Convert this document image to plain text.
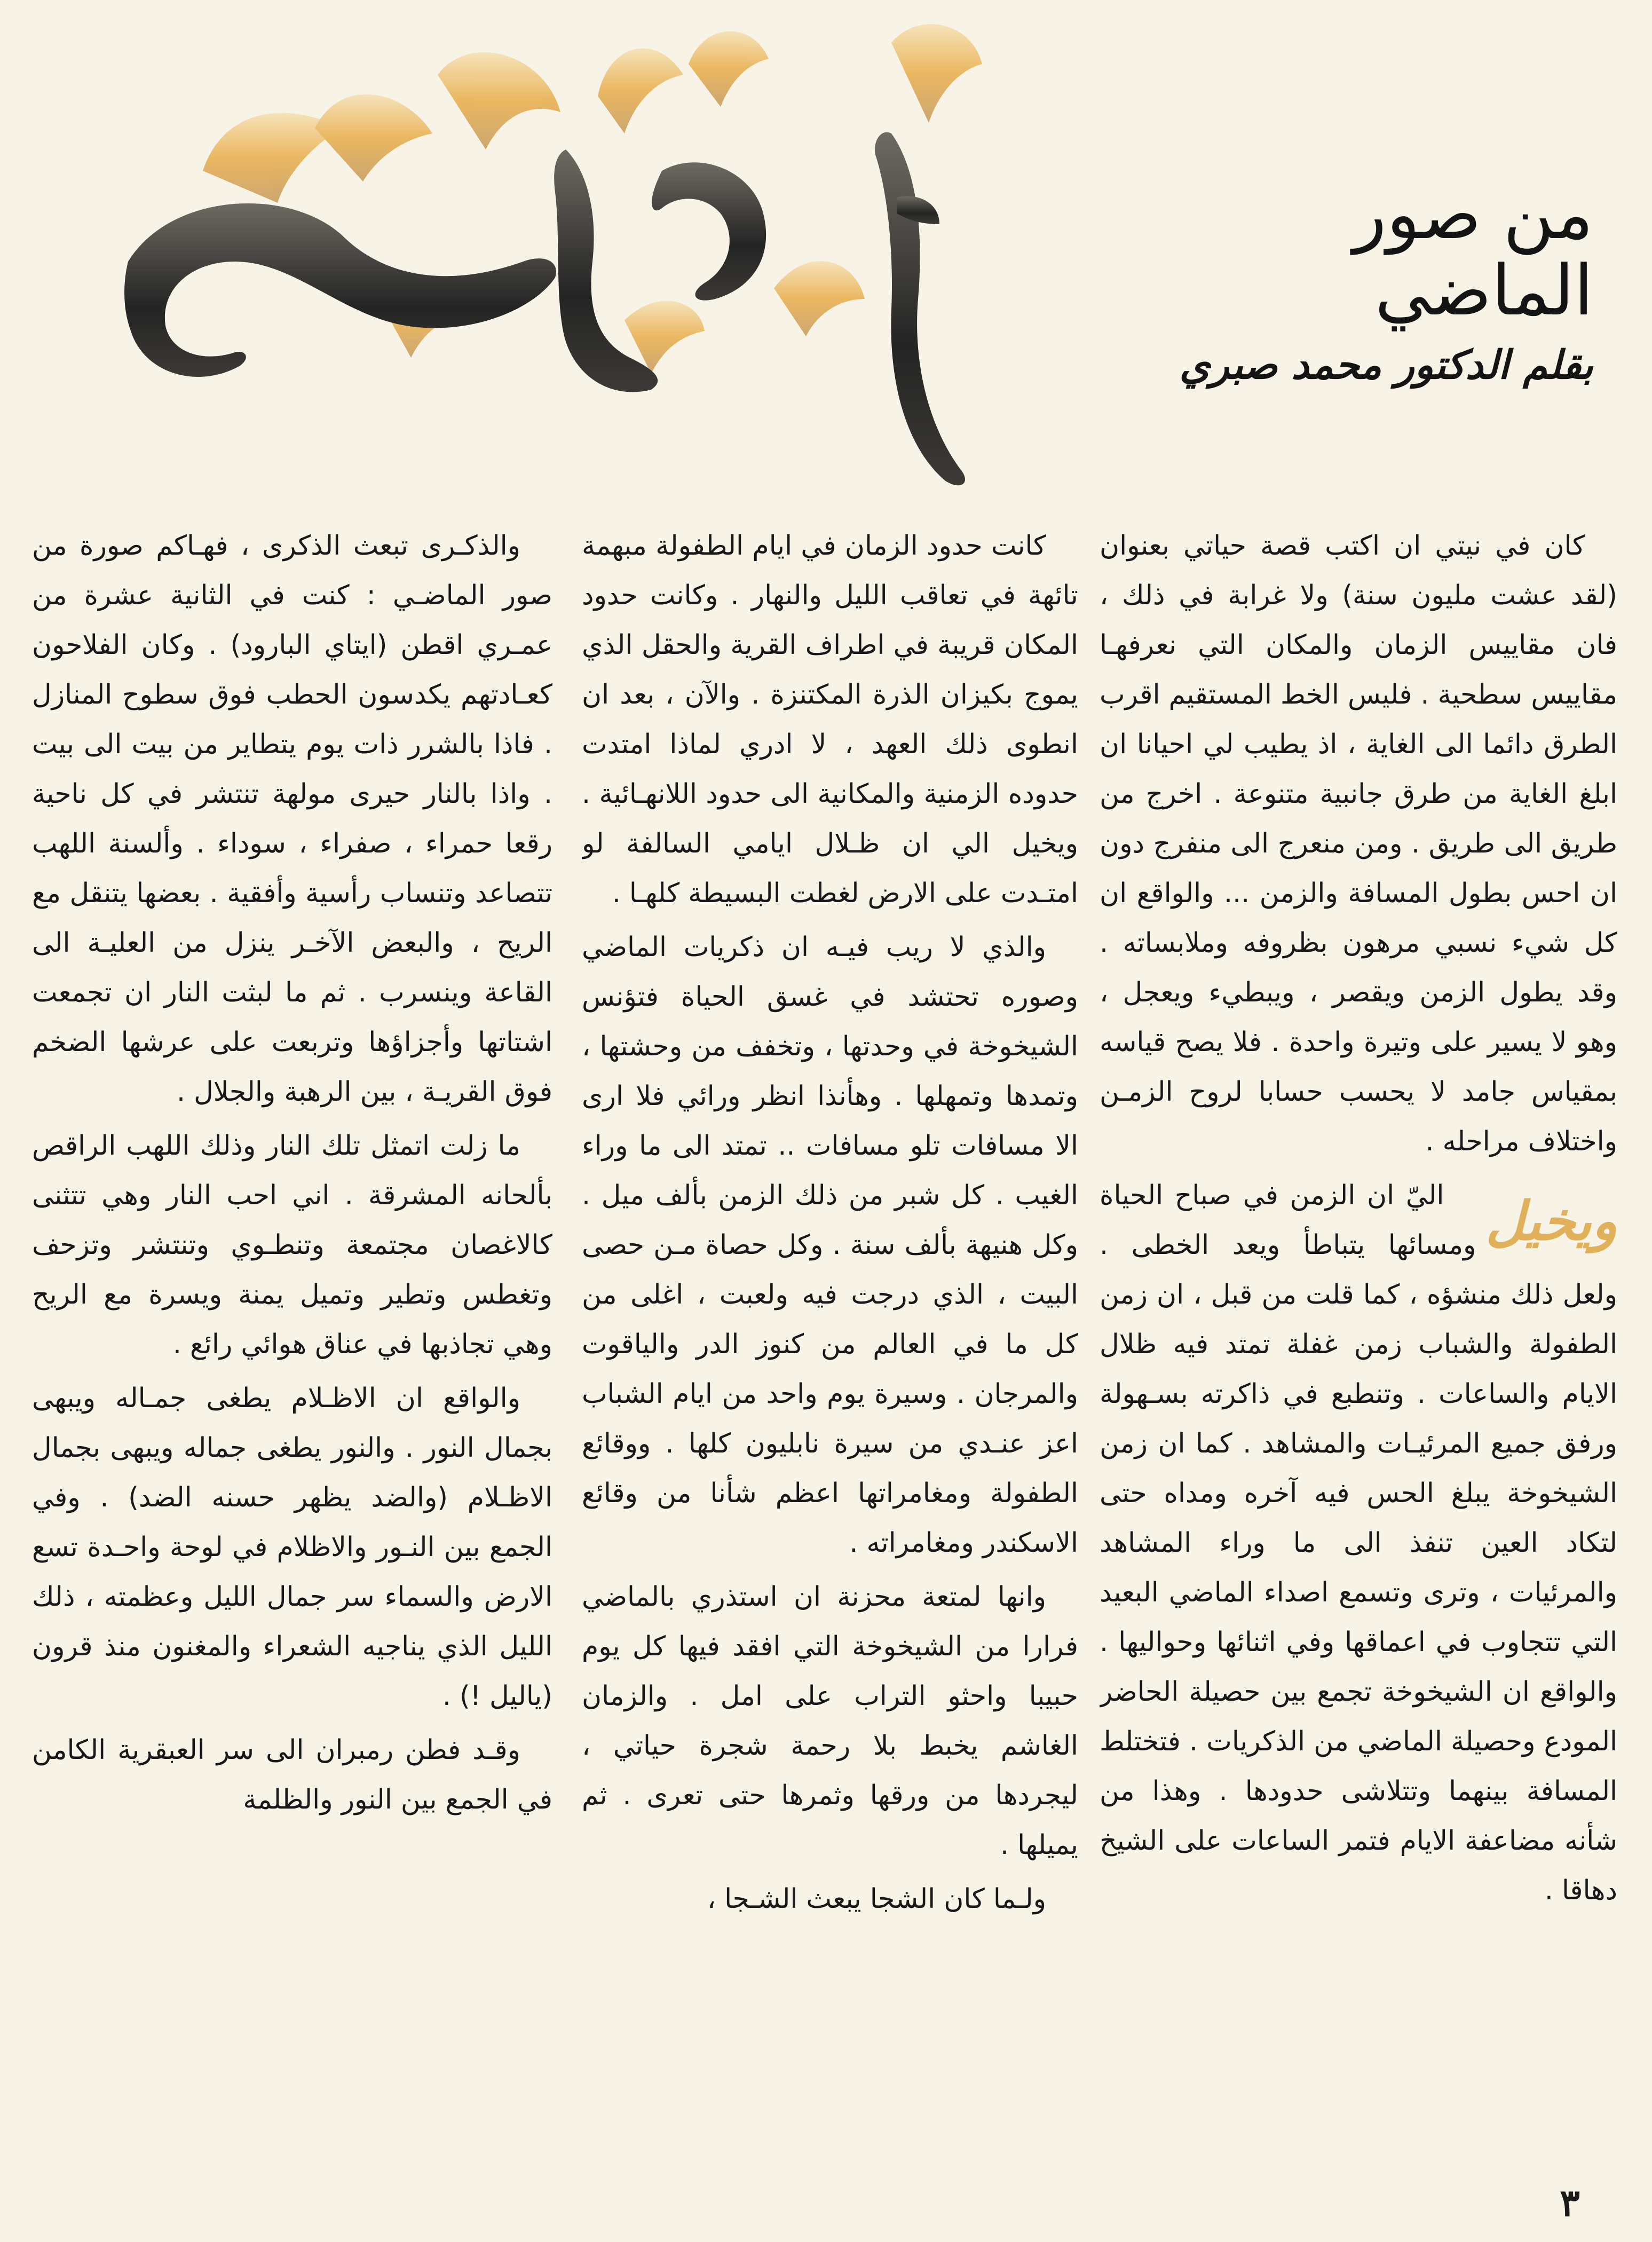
من صور الماضي
بقلم الدكتور محمد صبري

كان في نيتي ان اكتب قصة حياتي بعنوان (لقد عشت مليون سنة) ولا غرابة في ذلك ، فان مقاييس الزمان والمكان التي نعرفهـا مقاييس سطحية . فليس الخط المستقيم اقرب الطرق دائما الى الغاية ، اذ يطيب لي احيانا ان ابلغ الغاية من طرق جانبية متنوعة . اخرج من طريق الى طريق . ومن منعرج الى منفرج دون ان احس بطول المسافة والزمن ... والواقع ان كل شيء نسبي مرهون بظروفه وملابساته . وقد يطول الزمن ويقصر ، ويبطيء ويعجل ، وهو لا يسير على وتيرة واحدة . فلا يصح قياسه بمقياس جامد لا يحسب حسابا لروح الزمـن واختلاف مراحله .

ويخيل

اليّ ان الزمن في صباح الحياة ومسائها يتباطأ ويعد الخطى . ولعل ذلك منشؤه ، كما قلت من قبل ، ان زمن الطفولة والشباب زمن غفلة تمتد فيه ظلال الايام والساعات . وتنطبع في ذاكرته بسـهولة ورفق جميع المرئيـات والمشاهد . كما ان زمن الشيخوخة يبلغ الحس فيه آخره ومداه حتى لتكاد العين تنفذ الى ما وراء المشاهد والمرئيات ، وترى وتسمع اصداء الماضي البعيد التي تتجاوب في اعماقها وفي اثنائها وحواليها . والواقع ان الشيخوخة تجمع بين حصيلة الحاضر المودع وحصيلة الماضي من الذكريات . فتختلط المسافة بينهما وتتلاشى حدودها . وهذا من شأنه مضاعفة الايام فتمر الساعات على الشيخ دهاقا .

كانت حدود الزمان في ايام الطفولة مبهمة تائهة في تعاقب الليل والنهار . وكانت حدود المكان قريبة في اطراف القرية والحقل الذي يموج بكيزان الذرة المكتنزة . والآن ، بعد ان انطوى ذلك العهد ، لا ادري لماذا امتدت حدوده الزمنية والمكانية الى حدود اللانهـائية . ويخيل الي ان ظـلال ايامي السالفة لو امتـدت على الارض لغطت البسيطة كلهـا .

والذي لا ريب فيـه ان ذكريات الماضي وصوره تحتشد في غسق الحياة فتؤنس الشيخوخة في وحدتها ، وتخفف من وحشتها ، وتمدها وتمهلها . وهأنذا انظر ورائي فلا ارى الا مسافات تلو مسافات .. تمتد الى ما وراء الغيب . كل شبر من ذلك الزمن بألف ميل . وكل هنيهة بألف سنة . وكل حصاة مـن حصى البيت ، الذي درجت فيه ولعبت ، اغلى من كل ما في العالم من كنوز الدر والياقوت والمرجان . وسيرة يوم واحد من ايام الشباب اعز عنـدي من سيرة نابليون كلها . ووقائع الطفولة ومغامراتها اعظم شأنا من وقائع الاسكندر ومغامراته .

وانها لمتعة محزنة ان استذري بالماضي فرارا من الشيخوخة التي افقد فيها كل يوم حبيبا واحثو التراب على امل . والزمان الغاشم يخبط بلا رحمة شجرة حياتي ، ليجردها من ورقها وثمرها حتى تعرى . ثم يميلها .

ولـما كان الشجا يبعث الشـجا ،

والذكـرى تبعث الذكرى ، فهـاكم صورة من صور الماضـي : كنت في الثانية عشرة من عمـري اقطن (ايتاي البارود) . وكان الفلاحون كعـادتهم يكدسون الحطب فوق سطوح المنازل . فاذا بالشرر ذات يوم يتطاير من بيت الى بيت . واذا بالنار حيرى مولهة تنتشر في كل ناحية رقعا حمراء ، صفراء ، سوداء . وألسنة اللهب تتصاعد وتنساب رأسية وأفقية . بعضها يتنقل مع الريح ، والبعض الآخـر ينزل من العليـة الى القاعة وينسرب . ثم ما لبثت النار ان تجمعت اشتاتها وأجزاؤها وتربعت على عرشها الضخم فوق القريـة ، بين الرهبة والجلال .

ما زلت اتمثل تلك النار وذلك اللهب الراقص بألحانه المشرقة . اني احب النار وهي تتثنى كالاغصان مجتمعة وتنطـوي وتنتشر وتزحف وتغطس وتطير وتميل يمنة ويسرة مع الريح وهي تجاذبها في عناق هوائي رائع .

والواقع ان الاظـلام يطغى جمـاله ويبهى بجمال النور . والنور يطغى جماله ويبهى بجمال الاظـلام (والضد يظهر حسنه الضد) . وفي الجمع بين النـور والاظلام في لوحة واحـدة تسع الارض والسماء سر جمال الليل وعظمته ، ذلك الليل الذي يناجيه الشعراء والمغنون منذ قرون (ياليل !) .

وقـد فطن رمبران الى سر العبقرية الكامن في الجمع بين النور والظلمة

٣
